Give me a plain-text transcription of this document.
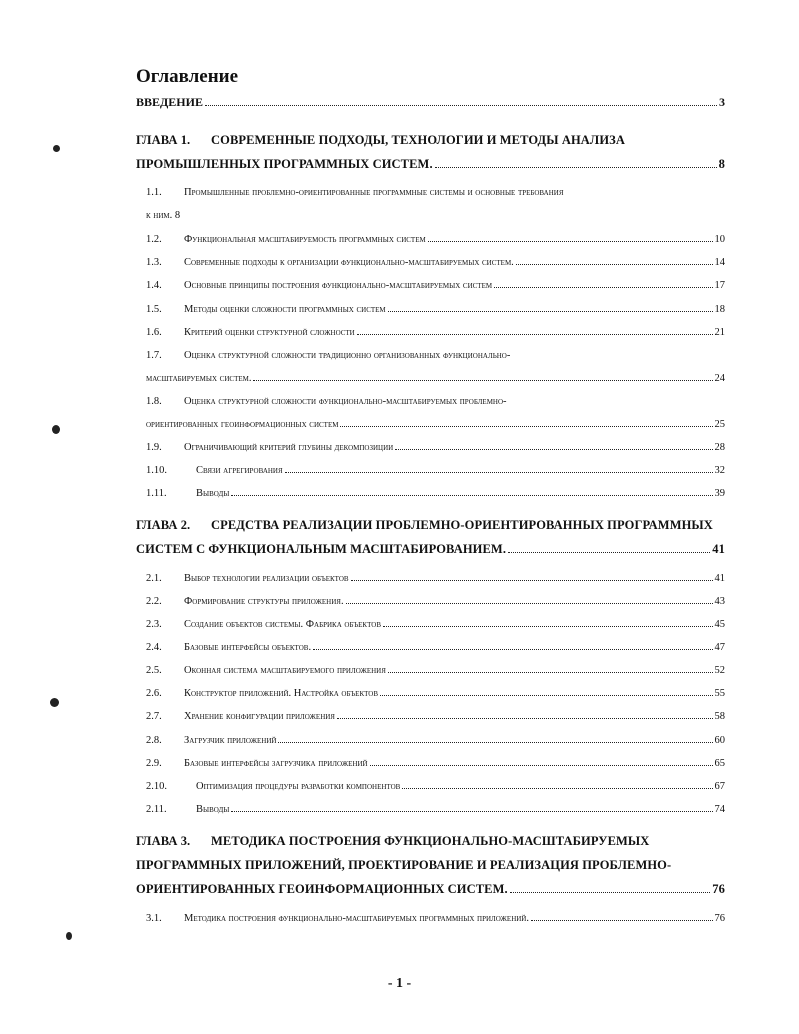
Оглавление
ВВЕДЕНИЕ	3
ГЛАВА 1. СОВРЕМЕННЫЕ ПОДХОДЫ, ТЕХНОЛОГИИ И МЕТОДЫ АНАЛИЗА
ПРОМЫШЛЕННЫХ ПРОГРАММНЫХ СИСТЕМ.	8
1.1. Промышленные проблемно-ориентированные программные системы и основные требования
к ним. 8
1.2.	Функциональная масштабируемость программных систем	10
1.3.	Современные подходы к организации функционально-масштабируемых систем.	14
1.4.	Основные принципы построения функционально-масштабируемых систем	17
1.5.	Методы оценки сложности программных систем	18
1.6.	Критерий оценки структурной сложности	21
1.7. Оценка структурной сложности традиционно организованных функционально-
масштабируемых систем.	24
1.8. Оценка структурной сложности функционально-масштабируемых проблемно-
ориентированных геоинформационных систем	25
1.9.	Ограничивающий критерий глубины декомпозиции	28
1.10.	Связи агрегирования	32
1.11.	Выводы	39
ГЛАВА 2. СРЕДСТВА РЕАЛИЗАЦИИ ПРОБЛЕМНО-ОРИЕНТИРОВАННЫХ ПРОГРАММНЫХ
СИСТЕМ С ФУНКЦИОНАЛЬНЫМ МАСШТАБИРОВАНИЕМ.	41
2.1.	Выбор технологии реализации объектов	41
2.2.	Формирование структуры приложения.	43
2.3.	Создание объектов системы. Фабрика объектов	45
2.4.	Базовые интерфейсы объектов.	47
2.5.	Оконная система масштабируемого приложения	52
2.6.	Конструктор приложений. Настройка объектов	55
2.7.	Хранение конфигурации приложения	58
2.8.	Загрузчик приложений	60
2.9.	Базовые интерфейсы загрузчика приложений	65
2.10.	Оптимизация процедуры разработки компонентов	67
2.11.	Выводы	74
ГЛАВА 3. МЕТОДИКА ПОСТРОЕНИЯ ФУНКЦИОНАЛЬНО-МАСШТАБИРУЕМЫХ
ПРОГРАММНЫХ ПРИЛОЖЕНИЙ, ПРОЕКТИРОВАНИЕ И РЕАЛИЗАЦИЯ ПРОБЛЕМНО-
ОРИЕНТИРОВАННЫХ ГЕОИНФОРМАЦИОННЫХ СИСТЕМ.	76
3.1.	Методика построения функционально-масштабируемых программных приложений.	76
- 1 -
